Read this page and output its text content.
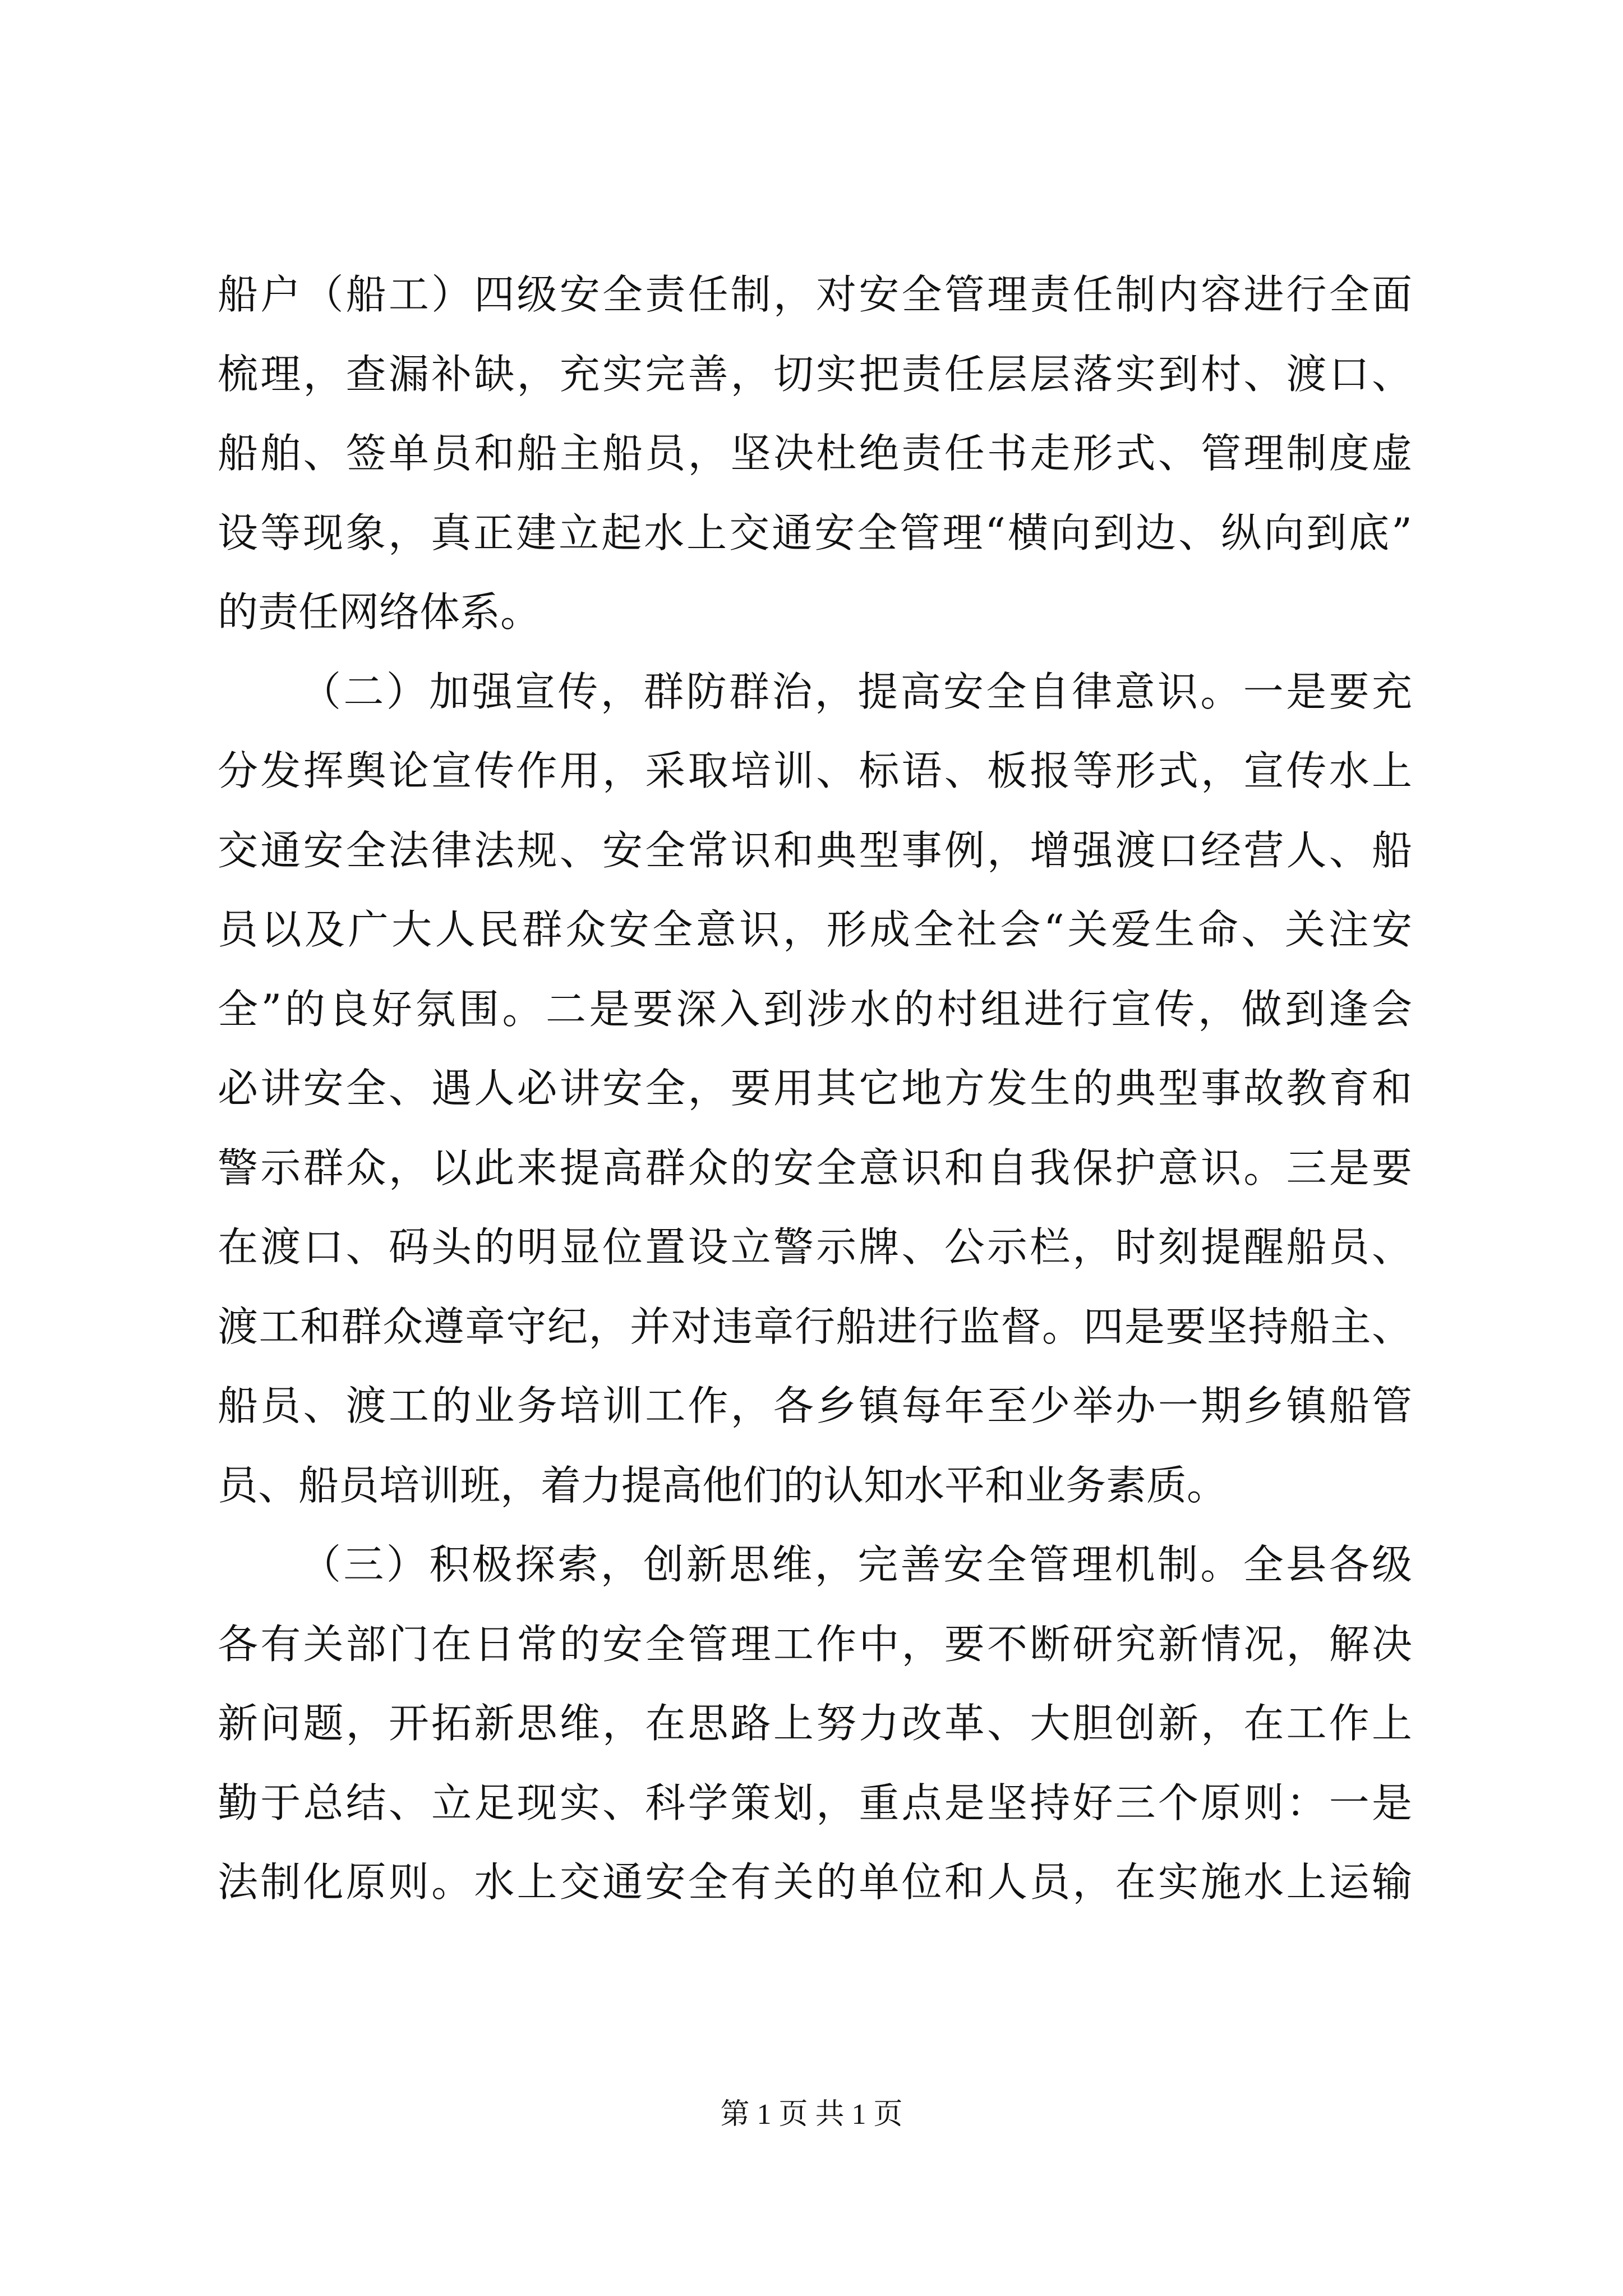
船户（船工）四级安全责任制，对安全管理责任制内容进行全面
梳理，查漏补缺，充实完善，切实把责任层层落实到村、渡口、
船舶、签单员和船主船员，坚决杜绝责任书走形式、管理制度虚
设等现象，真正建立起水上交通安全管理“横向到边、纵向到底”
的责任网络体系。
（二）加强宣传，群防群治，提高安全自律意识。一是要充
分发挥舆论宣传作用，采取培训、标语、板报等形式，宣传水上
交通安全法律法规、安全常识和典型事例，增强渡口经营人、船
员以及广大人民群众安全意识，形成全社会“关爱生命、关注安
全”的良好氛围。二是要深入到涉水的村组进行宣传，做到逢会
必讲安全、遇人必讲安全，要用其它地方发生的典型事故教育和
警示群众，以此来提高群众的安全意识和自我保护意识。三是要
在渡口、码头的明显位置设立警示牌、公示栏，时刻提醒船员、
渡工和群众遵章守纪，并对违章行船进行监督。四是要坚持船主、
船员、渡工的业务培训工作，各乡镇每年至少举办一期乡镇船管
员、船员培训班，着力提高他们的认知水平和业务素质。
（三）积极探索，创新思维，完善安全管理机制。全县各级
各有关部门在日常的安全管理工作中，要不断研究新情况，解决
新问题，开拓新思维，在思路上努力改革、大胆创新，在工作上
勤于总结、立足现实、科学策划，重点是坚持好三个原则：一是
法制化原则。水上交通安全有关的单位和人员，在实施水上运输
第 1 页 共 1 页
